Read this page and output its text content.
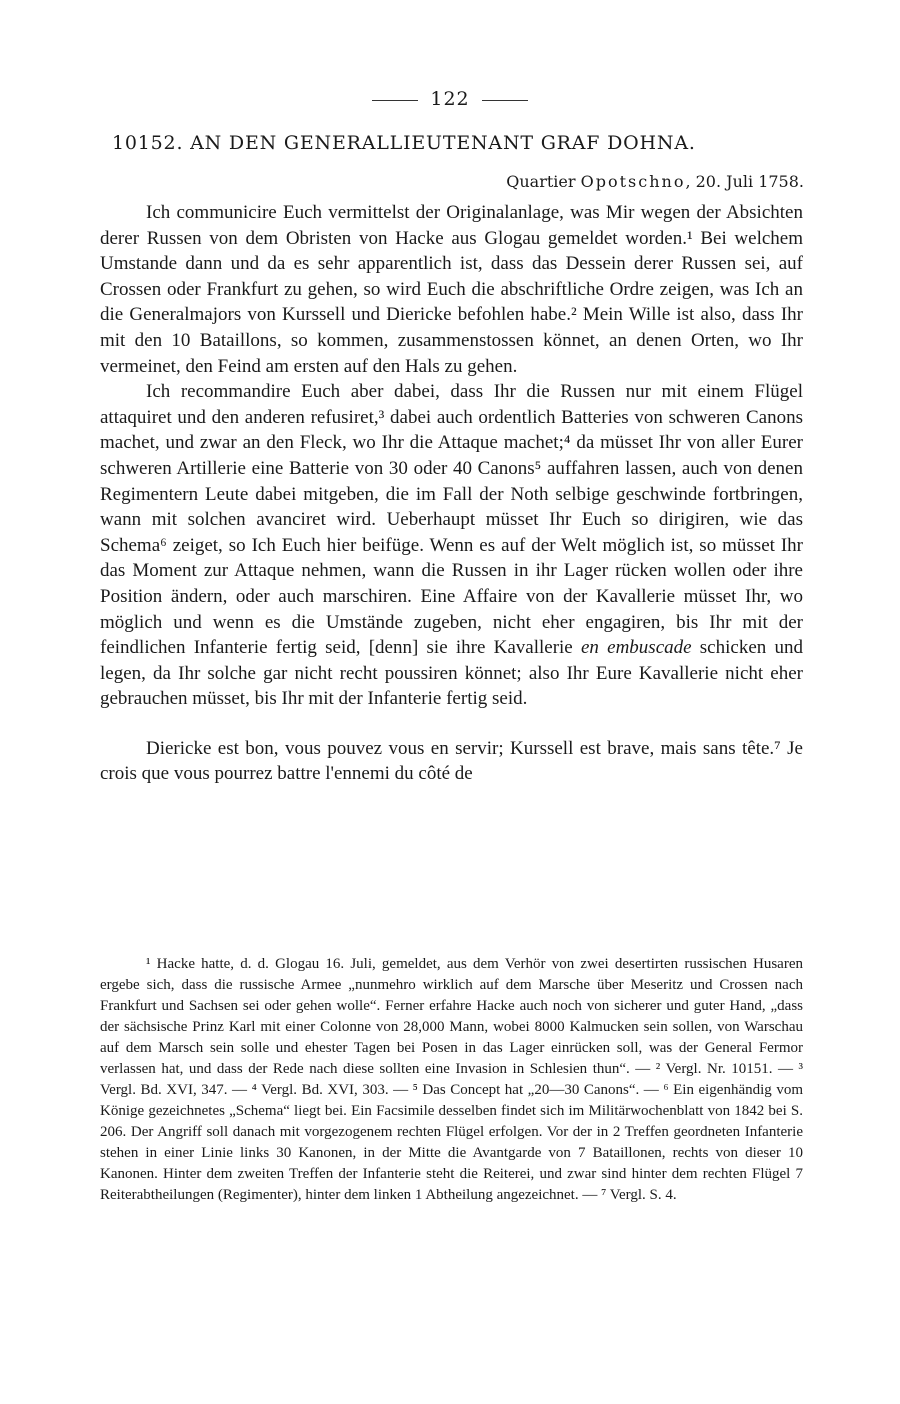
122
10152. AN DEN GENERALLIEUTENANT GRAF DOHNA.
Quartier Opotschno, 20. Juli 1758.

Ich communicire Euch vermittelst der Originalanlage, was Mir wegen der Absichten derer Russen von dem Obristen von Hacke aus Glogau gemeldet worden.¹ Bei welchem Umstande dann und da es sehr apparentlich ist, dass das Dessein derer Russen sei, auf Crossen oder Frankfurt zu gehen, so wird Euch die abschriftliche Ordre zeigen, was Ich an die Generalmajors von Kurssell und Diericke befohlen habe.² Mein Wille ist also, dass Ihr mit den 10 Bataillons, so kommen, zusammenstossen könnet, an denen Orten, wo Ihr vermeinet, den Feind am ersten auf den Hals zu gehen.

Ich recommandire Euch aber dabei, dass Ihr die Russen nur mit einem Flügel attaquiret und den anderen refusiret,³ dabei auch ordentlich Batteries von schweren Canons machet, und zwar an den Fleck, wo Ihr die Attaque machet;⁴ da müsset Ihr von aller Eurer schweren Artillerie eine Batterie von 30 oder 40 Canons⁵ auffahren lassen, auch von denen Regimentern Leute dabei mitgeben, die im Fall der Noth selbige geschwinde fortbringen, wann mit solchen avanciret wird. Ueberhaupt müsset Ihr Euch so dirigiren, wie das Schema⁶ zeiget, so Ich Euch hier beifüge. Wenn es auf der Welt möglich ist, so müsset Ihr das Moment zur Attaque nehmen, wann die Russen in ihr Lager rücken wollen oder ihre Position ändern, oder auch marschiren. Eine Affaire von der Kavallerie müsset Ihr, wo möglich und wenn es die Umstände zugeben, nicht eher engagiren, bis Ihr mit der feindlichen Infanterie fertig seid, [denn] sie ihre Kavallerie en embuscade schicken und legen, da Ihr solche gar nicht recht poussiren könnet; also Ihr Eure Kavallerie nicht eher gebrauchen müsset, bis Ihr mit der Infanterie fertig seid.

Diericke est bon, vous pouvez vous en servir; Kurssell est brave, mais sans tête.⁷ Je crois que vous pourrez battre l'ennemi du côté de

¹ Hacke hatte, d. d. Glogau 16. Juli, gemeldet, aus dem Verhör von zwei desertirten russischen Husaren ergebe sich, dass die russische Armee „nunmehro wirklich auf dem Marsche über Meseritz und Crossen nach Frankfurt und Sachsen sei oder gehen wolle“. Ferner erfahre Hacke auch noch von sicherer und guter Hand, „dass der sächsische Prinz Karl mit einer Colonne von 28,000 Mann, wobei 8000 Kalmucken sein sollen, von Warschau auf dem Marsch sein solle und ehester Tagen bei Posen in das Lager einrücken soll, was der General Fermor verlassen hat, und dass der Rede nach diese sollten eine Invasion in Schlesien thun“. — ² Vergl. Nr. 10151. — ³ Vergl. Bd. XVI, 347. — ⁴ Vergl. Bd. XVI, 303. — ⁵ Das Concept hat „20—30 Canons“. — ⁶ Ein eigenhändig vom Könige gezeichnetes „Schema“ liegt bei. Ein Facsimile desselben findet sich im Militärwochenblatt von 1842 bei S. 206. Der Angriff soll danach mit vorgezogenem rechten Flügel erfolgen. Vor der in 2 Treffen geordneten Infanterie stehen in einer Linie links 30 Kanonen, in der Mitte die Avantgarde von 7 Bataillonen, rechts von dieser 10 Kanonen. Hinter dem zweiten Treffen der Infanterie steht die Reiterei, und zwar sind hinter dem rechten Flügel 7 Reiterabtheilungen (Regimenter), hinter dem linken 1 Abtheilung angezeichnet. — ⁷ Vergl. S. 4.
